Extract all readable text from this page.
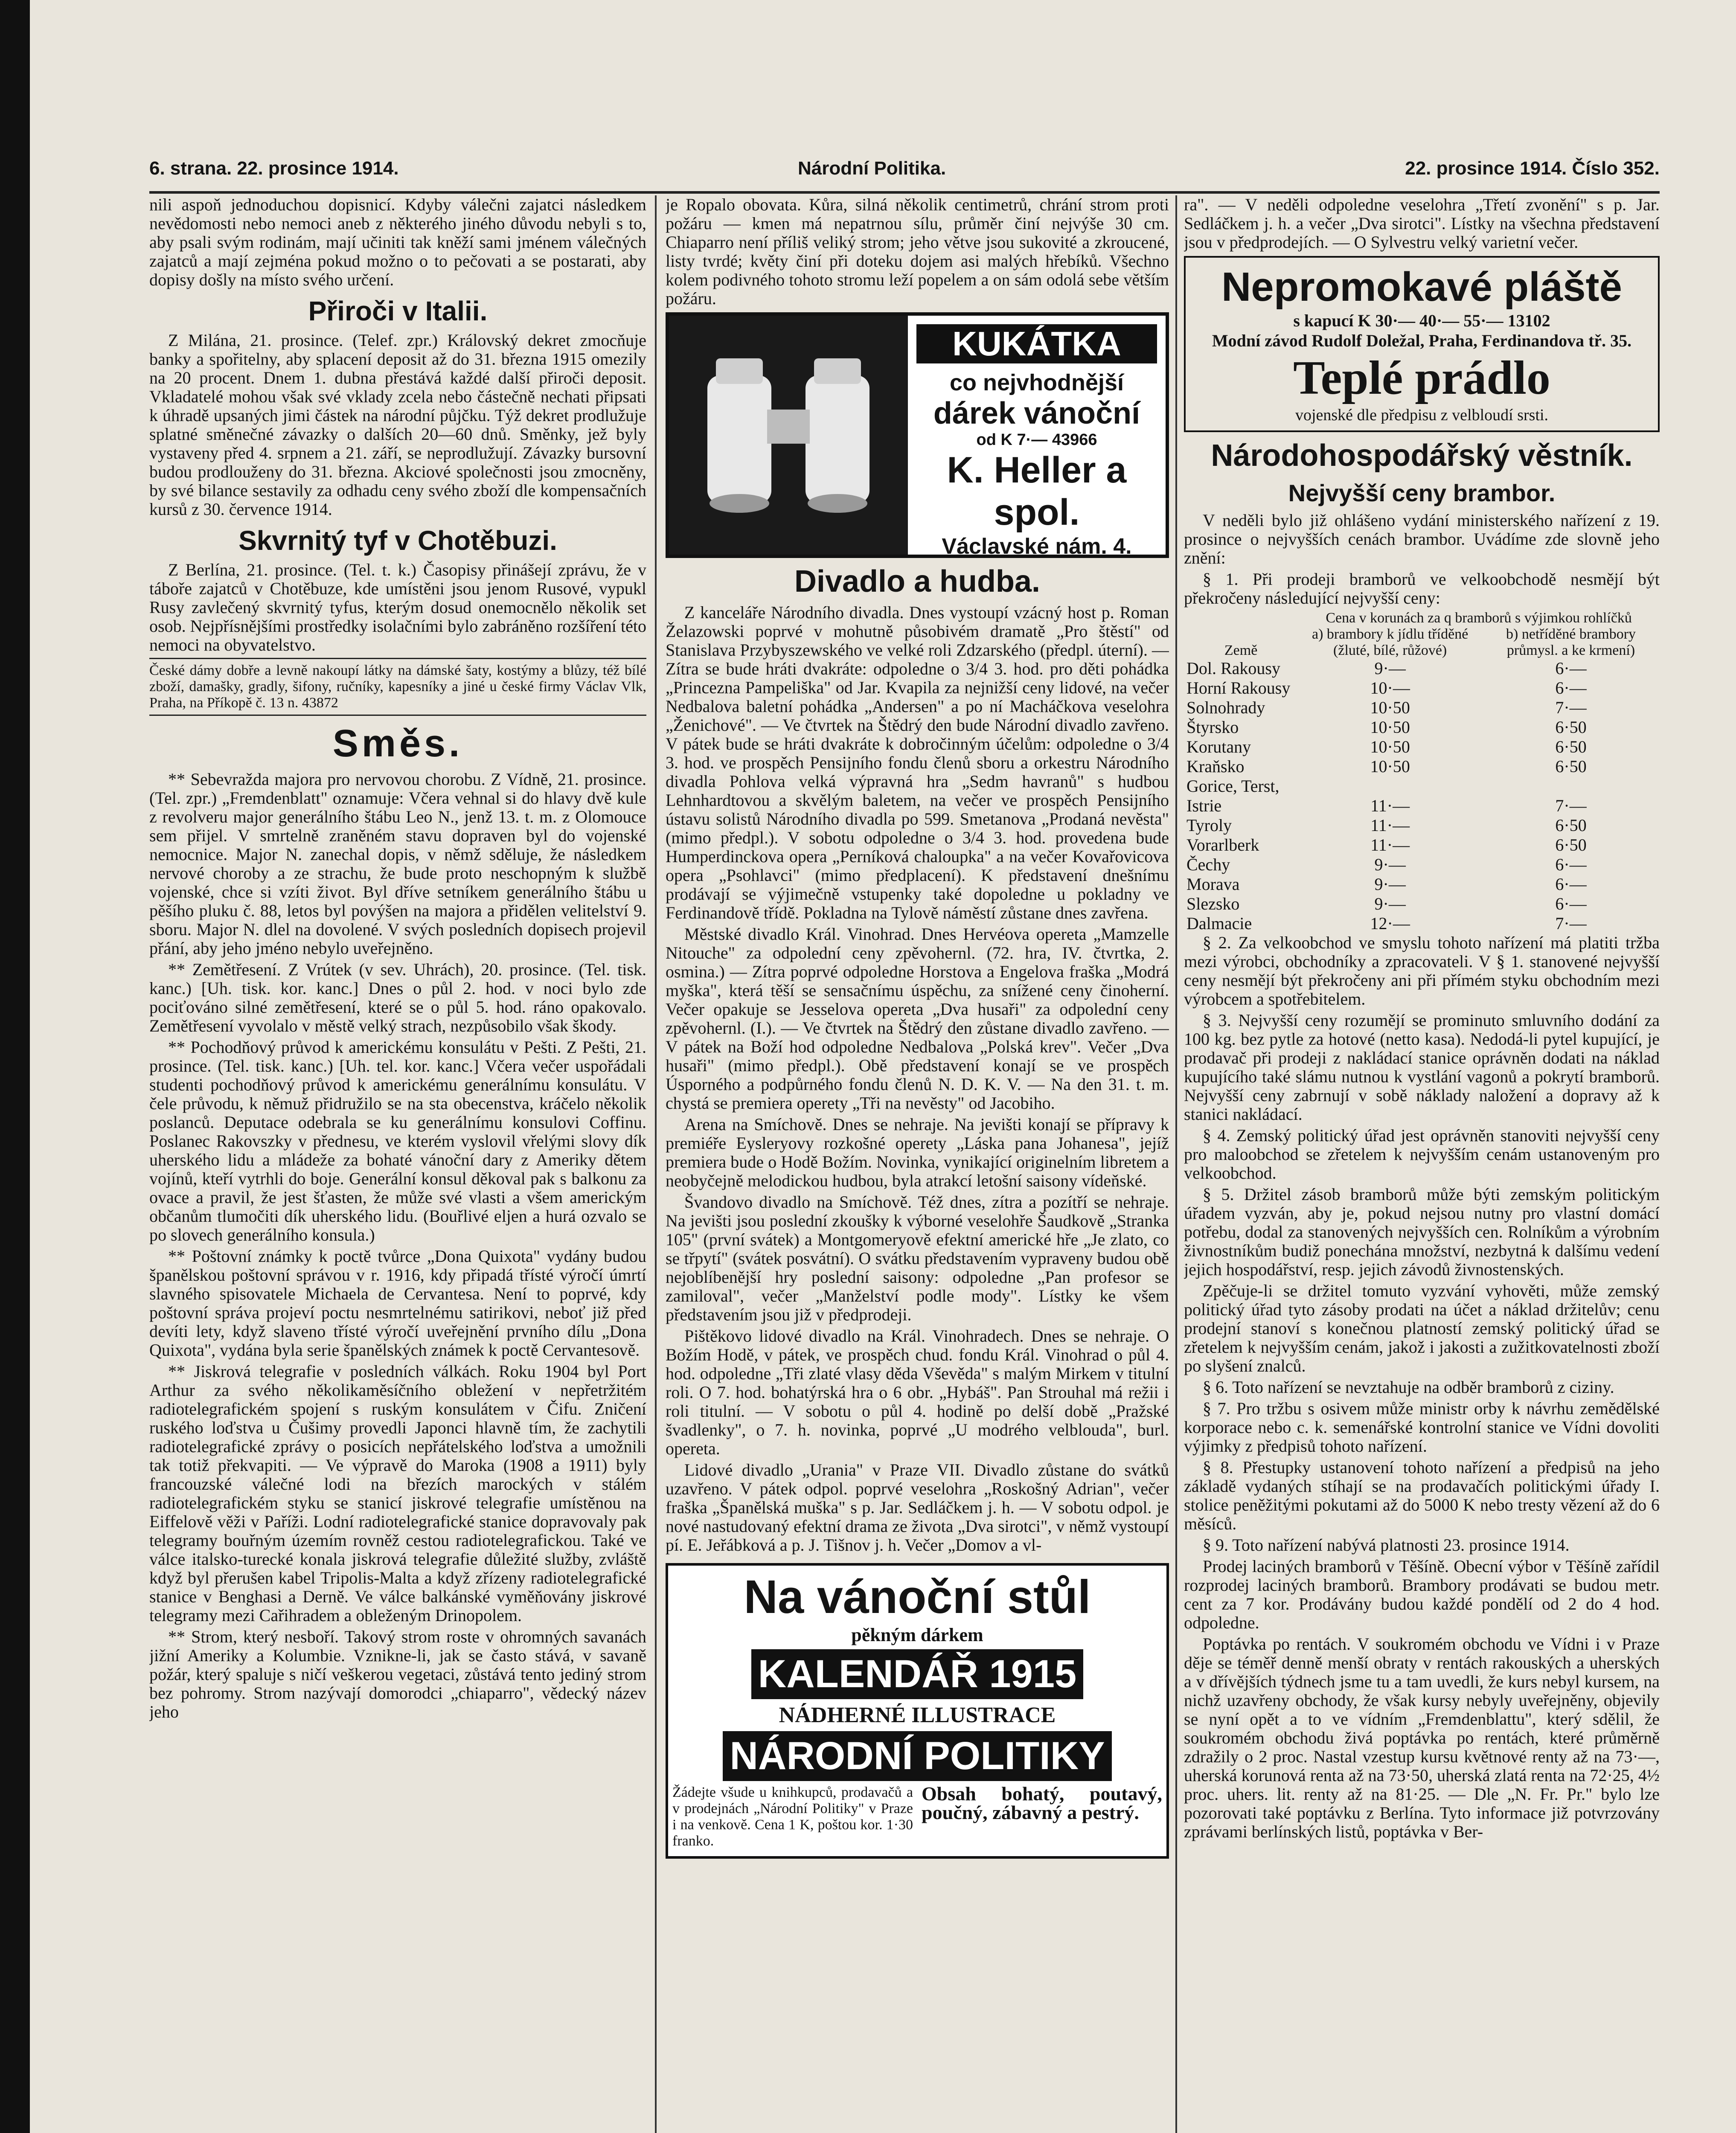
6. strana. 22. prosince 1914.	Národní Politika.	22. prosince 1914. Číslo 352.

nili aspoň jednoduchou dopisnicí. Kdyby válečni zajatci následkem nevědomosti nebo nemoci aneb z některého jiného důvodu nebyli s to, aby psali svým rodinám, mají učiniti tak kněží sami jménem válečných zajatců a mají zejména pokud možno o to pečovati a se postarati, aby dopisy došly na místo svého určení.

Přiroči v Italii.

Z Milána, 21. prosince. (Telef. zpr.) Královský dekret zmocňuje banky a spořitelny, aby splacení deposit až do 31. března 1915 omezily na 20 procent. Dnem 1. dubna přestává každé další přiroči deposit. Vkladatelé mohou však své vklady zcela nebo částečně nechati připsati k úhradě upsaných jimi částek na národní půjčku. Týž dekret prodlužuje splatné směnečné závazky o dalších 20—60 dnů. Směnky, jež byly vystaveny před 4. srpnem a 21. září, se neprodlužují. Závazky bursovní budou prodlouženy do 31. března. Akciové společnosti jsou zmocněny, by své bilance sestavily za odhadu ceny svého zboží dle kompensačních kursů z 30. července 1914.

Skvrnitý tyf v Chotěbuzi.

Z Berlína, 21. prosince. (Tel. t. k.) Časopisy přinášejí zprávu, že v táboře zajatců v Chotěbuze, kde umístěni jsou jenom Rusové, vypukl Rusy zavlečený skvrnitý tyfus, kterým dosud onemocnělo několik set osob. Nejpřísnějšími prostředky isolačními bylo zabráněno rozšíření této nemoci na obyvatelstvo.

České dámy dobře a levně nakoupí látky na dámské šaty, kostýmy a blůzy, též bílé zboží, damašky, gradly, šifony, ručníky, kapesníky a jiné u české firmy Václav Vlk, Praha, na Příkopě č. 13 n. 43872

Směs.

** Sebevražda majora pro nervovou chorobu. Z Vídně, 21. prosince. (Tel. zpr.) „Fremdenblatt" oznamuje: Včera vehnal si do hlavy dvě kule z revolveru major generálního štábu Leo N., jenž 13. t. m. z Olomouce sem přijel. V smrtelně zraněném stavu dopraven byl do vojenské nemocnice. Major N. zanechal dopis, v němž sděluje, že následkem nervové choroby a ze strachu, že bude proto neschopným k službě vojenské, chce si vzíti život. Byl dříve setníkem generálního štábu u pěšího pluku č. 88, letos byl povýšen na majora a přidělen velitelství 9. sboru. Major N. dlel na dovolené. V svých posledních dopisech projevil přání, aby jeho jméno nebylo uveřejněno.

** Zemětřesení. Z Vrútek (v sev. Uhrách), 20. prosince. (Tel. tisk. kanc.) [Uh. tisk. kor. kanc.] Dnes o půl 2. hod. v noci bylo zde pociťováno silné zemětřesení, které se o půl 5. hod. ráno opakovalo. Zemětřesení vyvolalo v městě velký strach, nezpůsobilo však škody.

** Pochodňový průvod k americkému konsulátu v Pešti. Z Pešti, 21. prosince. (Tel. tisk. kanc.) [Uh. tel. kor. kanc.] Včera večer uspořádali studenti pochodňový průvod k americkému generálnímu konsulátu. V čele průvodu, k němuž přidružilo se na sta obecenstva, kráčelo několik poslanců. Deputace odebrala se ku generálnímu konsulovi Coffinu. Poslanec Rakovszky v přednesu, ve kterém vyslovil vřelými slovy dík uherského lidu a mládeže za bohaté vánoční dary z Ameriky dětem vojínů, kteří vytrhli do boje. Generální konsul děkoval pak s balkonu za ovace a pravil, že jest šťasten, že může své vlasti a všem americkým občanům tlumočiti dík uherského lidu. (Bouřlivé eljen a hurá ozvalo se po slovech generálního konsula.)

** Poštovní známky k poctě tvůrce „Dona Quixota" vydány budou španělskou poštovní správou v r. 1916, kdy připadá třísté výročí úmrtí slavného spisovatele Michaela de Cervantesa. Není to poprvé, kdy poštovní správa projeví poctu nesmrtelnému satirikovi, neboť již před devíti lety, když slaveno třísté výročí uveřejnění prvního dílu „Dona Quixota", vydána byla serie španělských známek k poctě Cervantesově.

** Jiskrová telegrafie v posledních válkách. Roku 1904 byl Port Arthur za svého několikaměsíčního obležení v nepřetržitém radiotelegrafickém spojení s ruským konsulátem v Čifu. Zničení ruského loďstva u Čušimy provedli Japonci hlavně tím, že zachytili radiotelegrafické zprávy o posicích nepřátelského loďstva a umožnili tak totiž překvapiti. — Ve výpravě do Maroka (1908 a 1911) byly francouzské válečné lodi na březích marockých v stálém radiotelegrafickém styku se stanicí jiskrové telegrafie umístěnou na Eiffelově věži v Paříži. Lodní radiotelegrafické stanice dopravovaly pak telegramy bouřným územím rovněž cestou radiotelegrafickou. Také ve válce italsko-turecké konala jiskrová telegrafie důležité služby, zvláště když byl přerušen kabel Tripolis-Malta a když zřízeny radiotelegrafické stanice v Benghasi a Derně. Ve válce balkánské vyměňovány jiskrové telegramy mezi Cařihradem a obleženým Drinopolem.

** Strom, který nesboří. Takový strom roste v ohromných savanách jižní Ameriky a Kolumbie. Vznikne-li, jak se často stává, v savaně požár, který spaluje s ničí veškerou vegetaci, zůstává tento jediný strom bez pohromy. Strom nazývají domorodci „chiaparro", vědecký název jeho

je Ropalo obovata. Kůra, silná několik centimetrů, chrání strom proti požáru — kmen má nepatrnou sílu, průměr činí nejvýše 30 cm. Chiaparro není příliš veliký strom; jeho větve jsou sukovité a zkroucené, listy tvrdé; květy činí při doteku dojem asi malých hřebíků. Všechno kolem podivného tohoto stromu leží popelem a on sám odolá sebe větším požáru.

KUKÁTKA
co nejvhodnější
dárek vánoční
od K 7·— 43966
K. Heller a spol.
Václavské nám. 4.
Divadlo a hudba.

Z kanceláře Národního divadla. Dnes vystoupí vzácný host p. Roman Želazowski poprvé v mohutně působivém dramatě „Pro štěstí" od Stanislava Przybyszewského ve velké roli Zdzarského (předpl. úterní). — Zítra se bude hráti dvakráte: odpoledne o 3/4 3. hod. pro děti pohádka „Princezna Pampeliška" od Jar. Kvapila za nejnižší ceny lidové, na večer Nedbalova baletní pohádka „Andersen" a po ní Macháčkova veselohra „Ženichové". — Ve čtvrtek na Štědrý den bude Národní divadlo zavřeno. V pátek bude se hráti dvakráte k dobročinným účelům: odpoledne o 3/4 3. hod. ve prospěch Pensijního fondu členů sboru a orkestru Národního divadla Pohlova velká výpravná hra „Sedm havranů" s hudbou Lehnhardtovou a skvělým baletem, na večer ve prospěch Pensijního ústavu solistů Národního divadla po 599. Smetanova „Prodaná nevěsta" (mimo předpl.). V sobotu odpoledne o 3/4 3. hod. provedena bude Humperdinckova opera „Perníková chaloupka" a na večer Kovařovicova opera „Psohlavci" (mimo předplacení). K představení dnešnímu prodávají se výjimečně vstupenky také dopoledne u pokladny ve Ferdinandově třídě. Pokladna na Tylově náměstí zůstane dnes zavřena.

Městské divadlo Král. Vinohrad. Dnes Hervéova opereta „Mamzelle Nitouche" za odpolední ceny zpěvohernl. (72. hra, IV. čtvrtka, 2. osmina.) — Zítra poprvé odpoledne Horstova a Engelova fraška „Modrá myška", která těší se sensačnímu úspěchu, za snížené ceny činoherní. Večer opakuje se Jesselova opereta „Dva husaři" za odpolední ceny zpěvohernl. (I.). — Ve čtvrtek na Štědrý den zůstane divadlo zavřeno. — V pátek na Boží hod odpoledne Nedbalova „Polská krev". Večer „Dva husaři" (mimo předpl.). Obě představení konají se ve prospěch Úsporného a podpůrného fondu členů N. D. K. V. — Na den 31. t. m. chystá se premiera operety „Tři na nevěsty" od Jacobiho.

Arena na Smíchově. Dnes se nehraje. Na jevišti konají se přípravy k premiéře Eysleryovy rozkošné operety „Láska pana Johanesa", jejíž premiera bude o Hodě Božím. Novinka, vynikající originelním libretem a neobyčejně melodickou hudbou, byla atrakcí letošní saisony vídeňské.

Švandovo divadlo na Smíchově. Též dnes, zítra a pozítří se nehraje. Na jevišti jsou poslední zkoušky k výborné veselohře Šaudkově „Stranka 105" (první svátek) a Montgomeryově efektní americké hře „Je zlato, co se třpytí" (svátek posvátní). O svátku představením vypraveny budou obě nejoblíbenější hry poslední saisony: odpoledne „Pan profesor se zamiloval", večer „Manželství podle mody". Lístky ke všem představením jsou již v předprodeji.

Pištěkovo lidové divadlo na Král. Vinohradech. Dnes se nehraje. O Božím Hodě, v pátek, ve prospěch chud. fondu Král. Vinohrad o půl 4. hod. odpoledne „Tři zlaté vlasy děda Vševěda" s malým Mirkem v titulní roli. O 7. hod. bohatýrská hra o 6 obr. „Hybáš". Pan Strouhal má režii i roli titulní. — V sobotu o půl 4. hodině po delší době „Pražské švadlenky", o 7. h. novinka, poprvé „U modrého velblouda", burl. opereta.

Lidové divadlo „Urania" v Praze VII. Divadlo zůstane do svátků uzavřeno. V pátek odpol. poprvé veselohra „Roskošný Adrian", večer fraška „Španělská muška" s p. Jar. Sedláčkem j. h. — V sobotu odpol. je nové nastudovaný efektní drama ze života „Dva sirotci", v němž vystoupí pí. E. Jeřábková a p. J. Tišnov j. h. Večer „Domov a vl-

Na vánoční stůl
pěkným dárkem
KALENDÁŘ 1915
NÁDHERNÉ ILLUSTRACE
NÁRODNÍ POLITIKY

Žádejte všude u knihkupců, prodavačů a v prodejnách „Národní Politiky" v Praze i na venkově. Cena 1 K, poštou kor. 1·30 franko.

Obsah bohatý, poutavý, poučný, zábavný a pestrý.

ra". — V neděli odpoledne veselohra „Třetí zvonění" s p. Jar. Sedláčkem j. h. a večer „Dva sirotci". Lístky na všechna představení jsou v předprodejích. — O Sylvestru velký varietní večer.

Nepromokavé pláště
s kapucí K 30·— 40·— 55·— 13102
Modní závod Rudolf Doležal, Praha, Ferdinandova tř. 35.
Teplé prádlo
vojenské dle předpisu z velbloudí srsti.
Národohospodářský věstník.
Nejvyšší ceny brambor.

V neděli bylo již ohlášeno vydání ministerského nařízení z 19. prosince o nejvyšších cenách brambor. Uvádíme zde slovně jeho znění:

§ 1. Při prodeji bramborů ve velkoobchodě nesmějí být překročeny následující nejvyšší ceny:

Země	Cena v korunách za q bramborů s výjimkou rohlíčků	
	a) brambory k jídlu tříděné (žluté, bílé, růžové)	b) netříděné brambory průmysl. a ke krmení)
Dol. Rakousy	9·—	6·—
Horní Rakousy	10·—	6·—
Solnohrady	10·50	7·—
Štyrsko	10·50	6·50
Korutany	10·50	6·50
Kraňsko	10·50	6·50
Gorice, Terst, Istrie	11·—	7·—
Tyroly	11·—	6·50
Vorarlberk	11·—	6·50
Čechy	9·—	6·—
Morava	9·—	6·—
Slezsko	9·—	6·—
Dalmacie	12·—	7·—

§ 2. Za velkoobchod ve smyslu tohoto nařízení má platiti tržba mezi výrobci, obchodníky a zpracovateli. V § 1. stanovené nejvyšší ceny nesmějí být překročeny ani při přímém styku obchodním mezi výrobcem a spotřebitelem.

§ 3. Nejvyšší ceny rozumějí se prominuto smluvního dodání za 100 kg. bez pytle za hotové (netto kasa). Nedodá-li pytel kupující, je prodavač při prodeji z nakládací stanice oprávněn dodati na náklad kupujícího také slámu nutnou k vystlání vagonů a pokrytí bramborů. Nejvyšší ceny zabrnují v sobě náklady naložení a dopravy až k stanici nakládací.

§ 4. Zemský politický úřad jest oprávněn stanoviti nejvyšší ceny pro maloobchod se zřetelem k nejvyšším cenám ustanoveným pro velkoobchod.

§ 5. Držitel zásob bramborů může býti zemským politickým úřadem vyzván, aby je, pokud nejsou nutny pro vlastní domácí potřebu, dodal za stanovených nejvyšších cen. Rolníkům a výrobním živnostníkům budiž ponechána množství, nezbytná k dalšímu vedení jejich hospodářství, resp. jejich závodů živnostenských.

Zpěčuje-li se držitel tomuto vyzvání vyhověti, může zemský politický úřad tyto zásoby prodati na účet a náklad držitelův; cenu prodejní stanoví s konečnou platností zemský politický úřad se zřetelem k nejvyšším cenám, jakož i jakosti a zužitkovatelnosti zboží po slyšení znalců.

§ 6. Toto nařízení se nevztahuje na odběr bramborů z ciziny.

§ 7. Pro tržbu s osivem může ministr orby k návrhu zemědělské korporace nebo c. k. semenářské kontrolní stanice ve Vídni dovoliti výjimky z předpisů tohoto nařízení.

§ 8. Přestupky ustanovení tohoto nařízení a předpisů na jeho základě vydaných stíhají se na prodavačích politickými úřady I. stolice peněžitými pokutami až do 5000 K nebo tresty vězení až do 6 měsíců.

§ 9. Toto nařízení nabývá platnosti 23. prosince 1914.

Prodej laciných bramborů v Těšíně. Obecní výbor v Těšíně zařídil rozprodej laciných bramborů. Brambory prodávati se budou metr. cent za 7 kor. Prodávány budou každé pondělí od 2 do 4 hod. odpoledne.

Poptávka po rentách. V soukromém obchodu ve Vídni i v Praze děje se téměř denně menší obraty v rentách rakouských a uherských a v dřívějších týdnech jsme tu a tam uvedli, že kurs nebyl kursem, na nichž uzavřeny obchody, že však kursy nebyly uveřejněny, objevily se nyní opět a to ve vídním „Fremdenblattu", který sdělil, že soukromém obchodu živá poptávka po rentách, které průměrně zdražily o 2 proc. Nastal vzestup kursu květnové renty až na 73·—, uherská korunová renta až na 73·50, uherská zlatá renta na 72·25, 4½ proc. uhers. lit. renty až na 81·25. — Dle „N. Fr. Pr." bylo lze pozorovati také poptávku z Berlína. Tyto informace již potvrzovány zprávami berlínských listů, poptávka v Ber-
